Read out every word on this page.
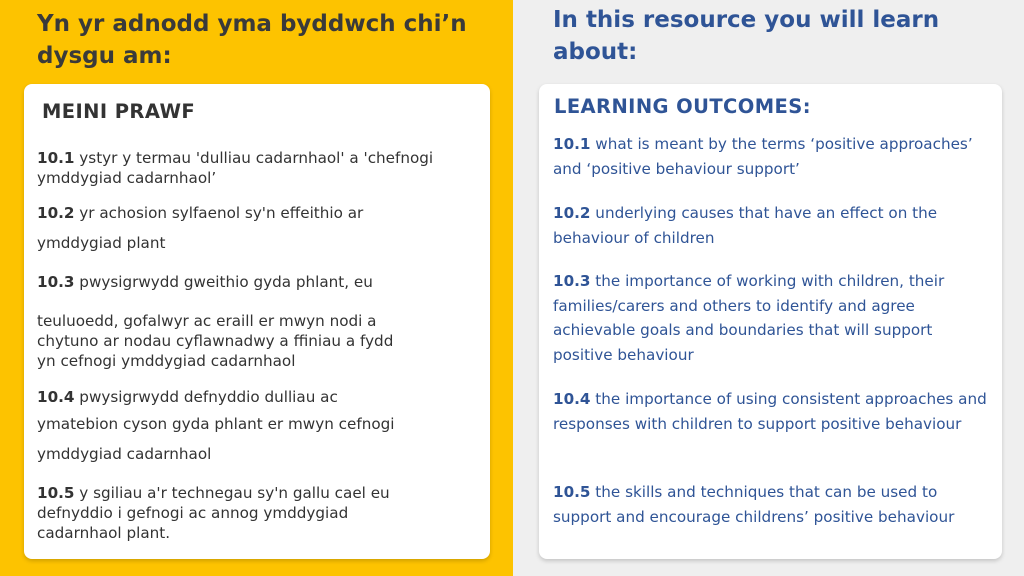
Yn yr adnodd yma byddwch chi’n dysgu am:
In this resource you will learn about:
MEINI PRAWF

10.1 ystyr y termau 'dulliau cadarnhaol' a 'chefnogi
ymddygiad cadarnhaol’

10.2 yr achosion sylfaenol sy'n effeithio ar

ymddygiad plant

10.3 pwysigrwydd gweithio gyda phlant, eu

teuluoedd, gofalwyr ac eraill er mwyn nodi a
chytuno ar nodau cyflawnadwy a ffiniau a fydd
yn cefnogi ymddygiad cadarnhaol

10.4 pwysigrwydd defnyddio dulliau ac

ymatebion cyson gyda phlant er mwyn cefnogi

ymddygiad cadarnhaol

10.5 y sgiliau a'r technegau sy'n gallu cael eu
defnyddio i gefnogi ac annog ymddygiad
cadarnhaol plant.

LEARNING OUTCOMES:

10.1 what is meant by the terms ‘positive approaches’ and ‘positive behaviour support’

10.2 underlying causes that have an effect on the behaviour of children

10.3 the importance of working with children, their families/carers and others to identify and agree achievable goals and boundaries that will support positive behaviour

10.4 the importance of using consistent approaches and responses with children to support positive behaviour

10.5 the skills and techniques that can be used to support and encourage childrens’ positive behaviour
